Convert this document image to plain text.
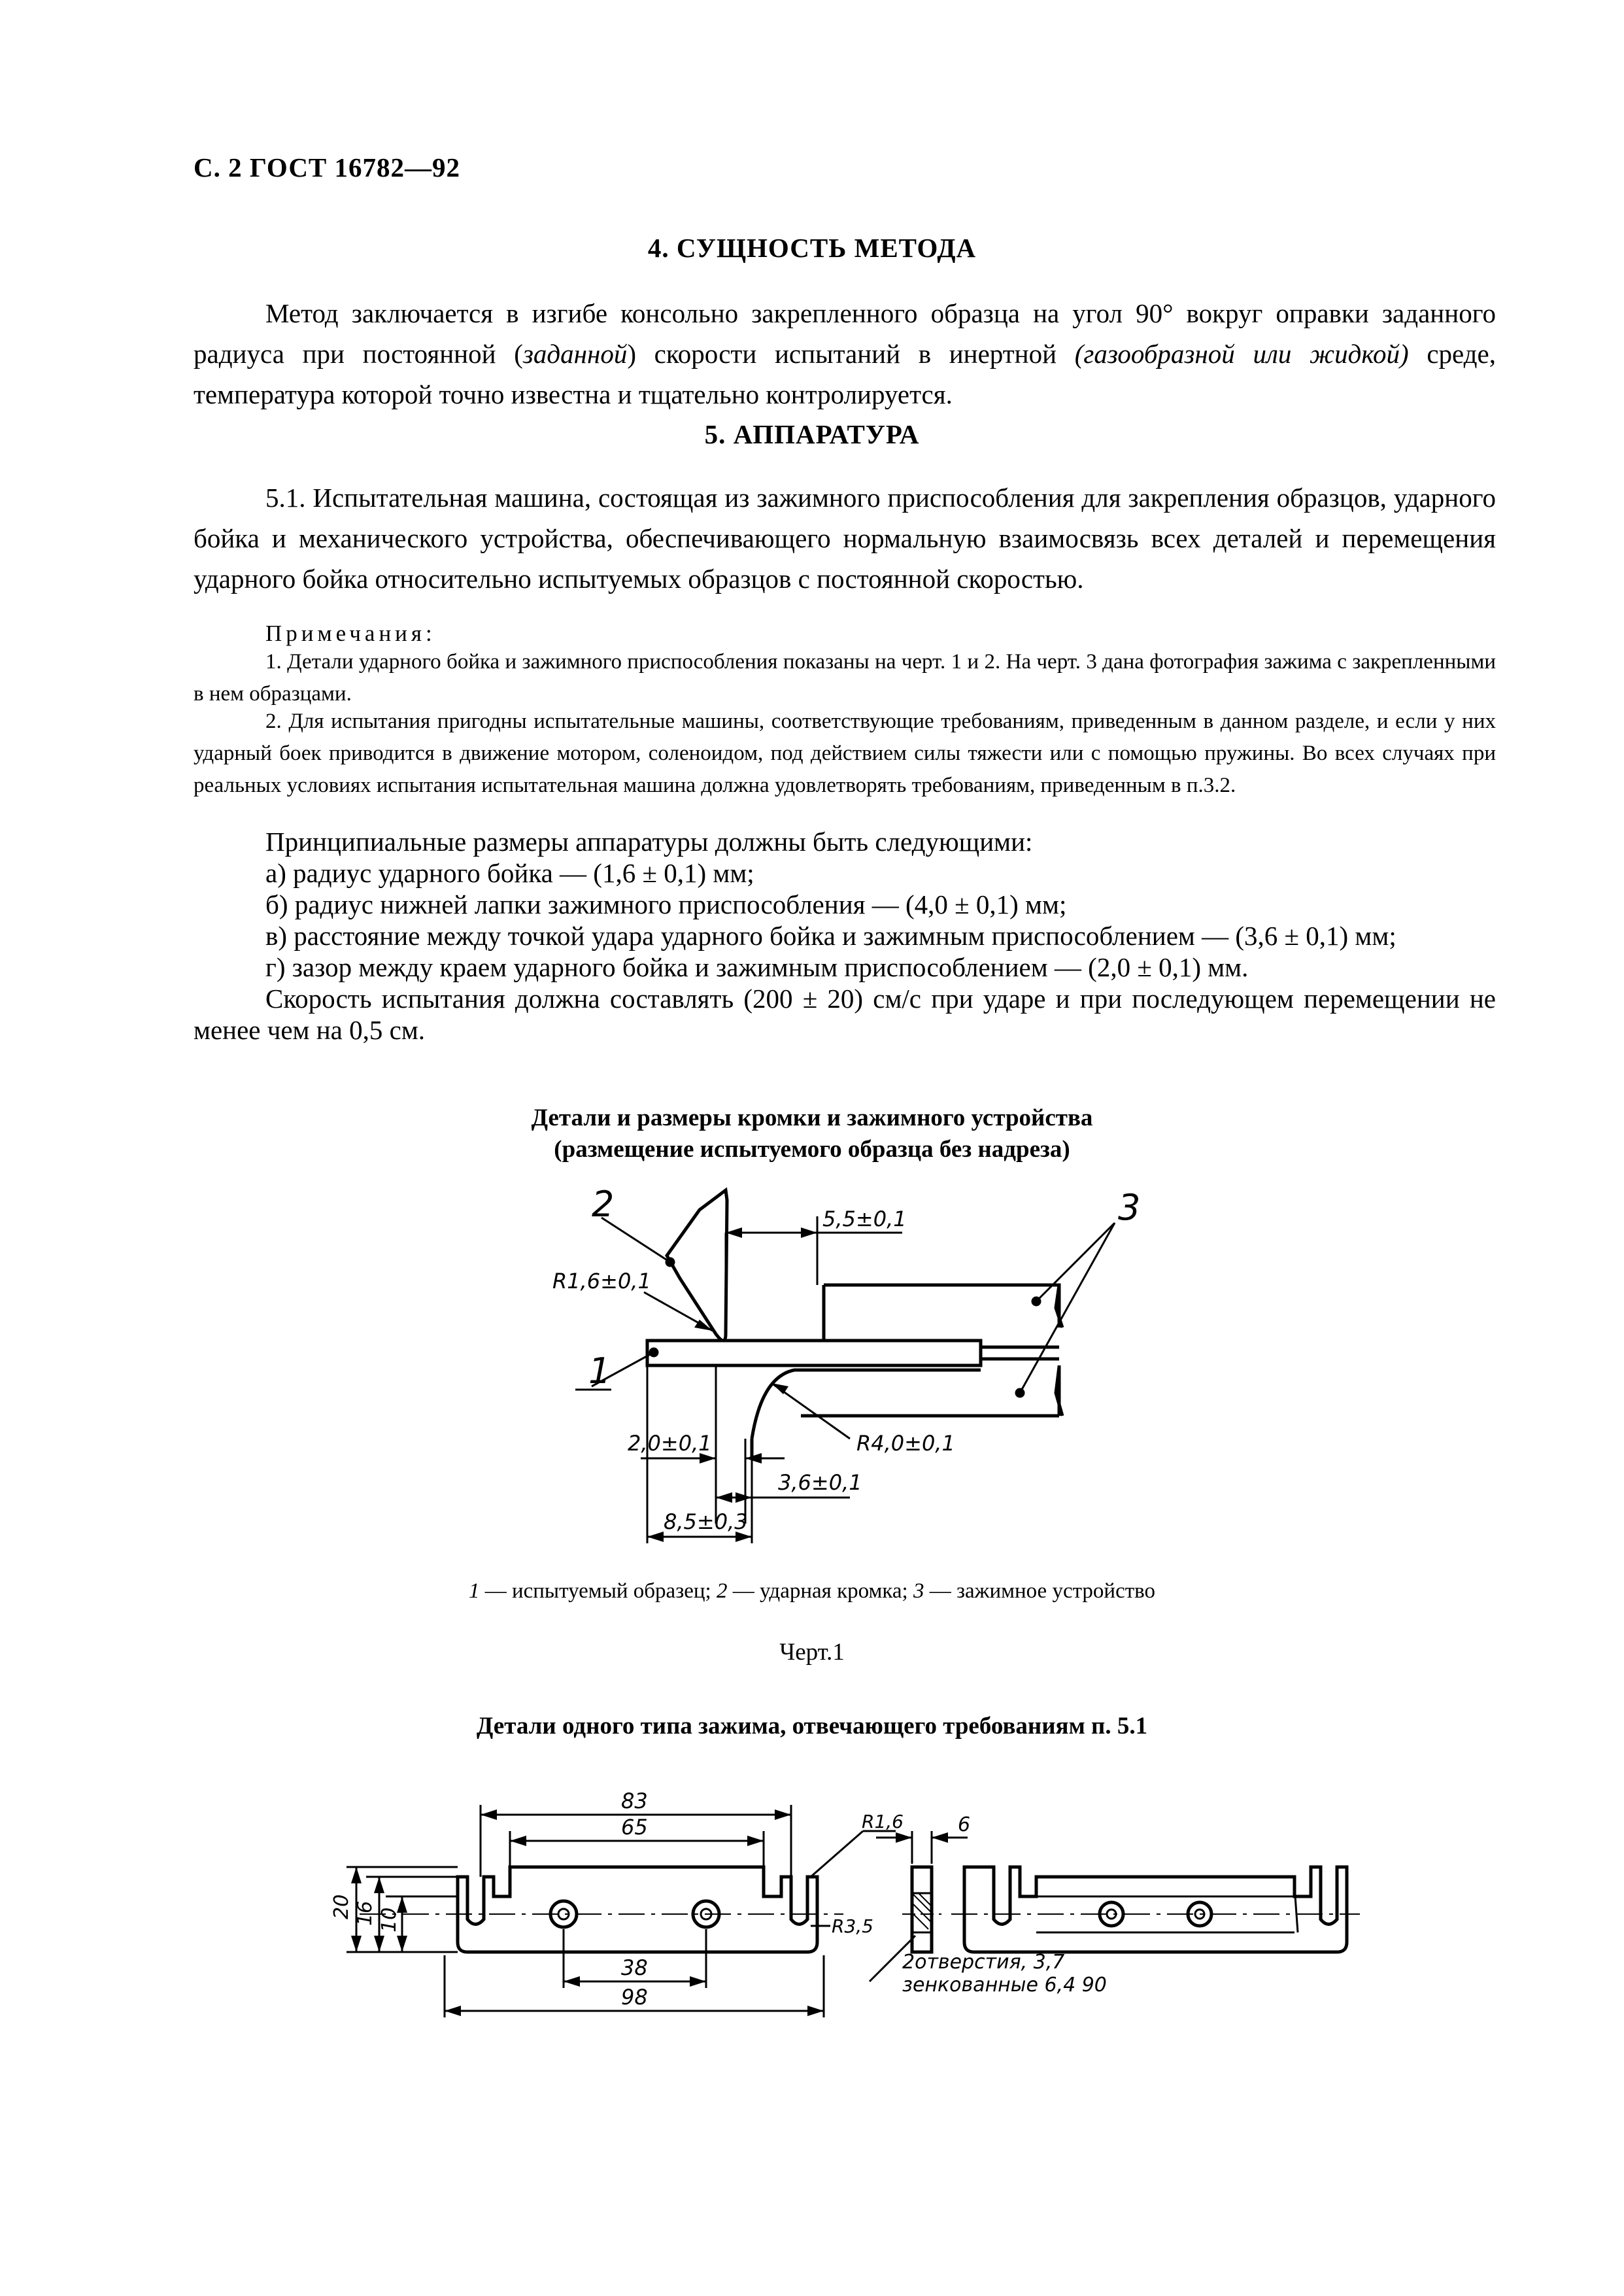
С. 2 ГОСТ 16782—92
4. СУЩНОСТЬ МЕТОДА
Метод заключается в изгибе консольно закрепленного образца на угол 90° вокруг оправки заданного радиуса при постоянной (заданной) скорости испытаний в инертной (газообразной или жидкой) среде, температура которой точно известна и тщательно контролируется.
5. АППАРАТУРА
5.1. Испытательная машина, состоящая из зажимного приспособления для закрепления образцов, ударного бойка и механического устройства, обеспечивающего нормальную взаимосвязь всех деталей и перемещения ударного бойка относительно испытуемых образцов с постоянной скоростью.
Примечания:
1. Детали ударного бойка и зажимного приспособления показаны на черт. 1 и 2. На черт. 3 дана фотография зажима с закрепленными в нем образцами.
2. Для испытания пригодны испытательные машины, соответствующие требованиям, приведенным в данном разделе, и если у них ударный боек приводится в движение мотором, соленоидом, под действием силы тяжести или с помощью пружины. Во всех случаях при реальных условиях испытания испытательная машина должна удовлетворять требованиям, приведенным в п.3.2.
Принципиальные размеры аппаратуры должны быть следующими:
а) радиус ударного бойка — (1,6 ± 0,1) мм;
б) радиус нижней лапки зажимного приспособления — (4,0 ± 0,1) мм;
в) расстояние между точкой удара ударного бойка и зажимным приспособлением — (3,6 ± 0,1) мм;
г) зазор между краем ударного бойка и зажимным приспособлением — (2,0 ± 0,1) мм.
Скорость испытания должна составлять (200 ± 20) см/с при ударе и при последующем перемещении не менее чем на 0,5 см.
Детали и размеры кромки и зажимного устройства
(размещение испытуемого образца без надреза)
2	3
1
5,5±0,1
R1,6±0,1
2,0±0,1	R4,0±0,1
3,6±0,1
8,5±0,3
1 — испытуемый образец; 2 — ударная кромка; 3 — зажимное устройство
Черт.1
Детали одного типа зажима, отвечающего требованиям п. 5.1
83
65
38
98
20 16 10
R1,6
R3,5
6
2отверстия, 3,7
зенкованные 6,4 90
